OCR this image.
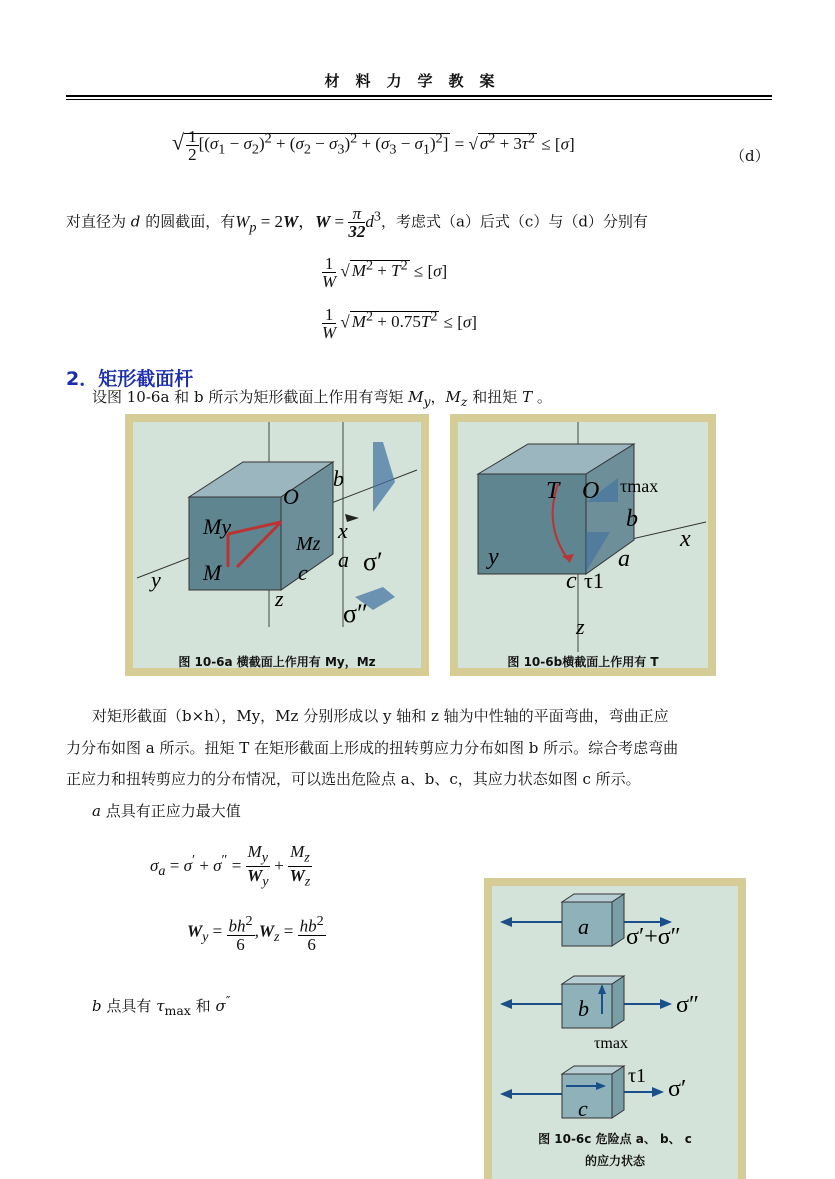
材料力学教案
√ $\frac{1}{2} [(\sigma_1 - \sigma_2)^2 + (\sigma_2 - \sigma_3)^2 + (\sigma_3 - \sigma_1)^2]$ = √ $\sigma^2 + 3\tau^2 \le [\sigma]$
（d）
对直径为 d 的圆截面，有$W_p = 2W$，$W = \frac{\pi}{32} d^3$，考虑式（a）后式（c）与（d）分别有
$\frac{1}{W}$ √ $M^2 + T^2 \le [\sigma]$
$\frac{1}{W}$ √ $M^2 + 0.75T^2 \le [\sigma]$
2．矩形截面杆
设图 10-6a 和 b 所示为矩形截面上作用有弯矩 $M_y$，$M_z$ 和扭矩 T 。
O
b
My
Mz
x
y M	c
a
z
σ′
σ″
图 10-6a 横截面上作用有 My，Mz
T O τmax
b
x
y	a
c τ1
z
图 10-6b横截面上作用有 T
对矩形截面（b×h），My，Mz 分别形成以 y 轴和 z 轴为中性轴的平面弯曲，弯曲正应
力分布如图 a 所示。扭矩 T 在矩形截面上形成的扭转剪应力分布如图 b 所示。综合考虑弯曲
正应力和扭转剪应力的分布情况，可以选出危险点 a、b、c，其应力状态如图 c 所示。
a 点具有正应力最大值
$\sigma_a = \sigma' + \sigma'' = \frac{M_y}{W_y} + \frac{M_z}{W_z}$
$W_y = \frac{bh^2}{6} ,W_z = \frac{hb^2}{6}$
b 点具有 $\tau_{max}$ 和 σ″
a σ′+σ″
b	σ″
τmax
c
τ1 σ′
图 10-6c 危险点 a、 b、 c
的应力状态
